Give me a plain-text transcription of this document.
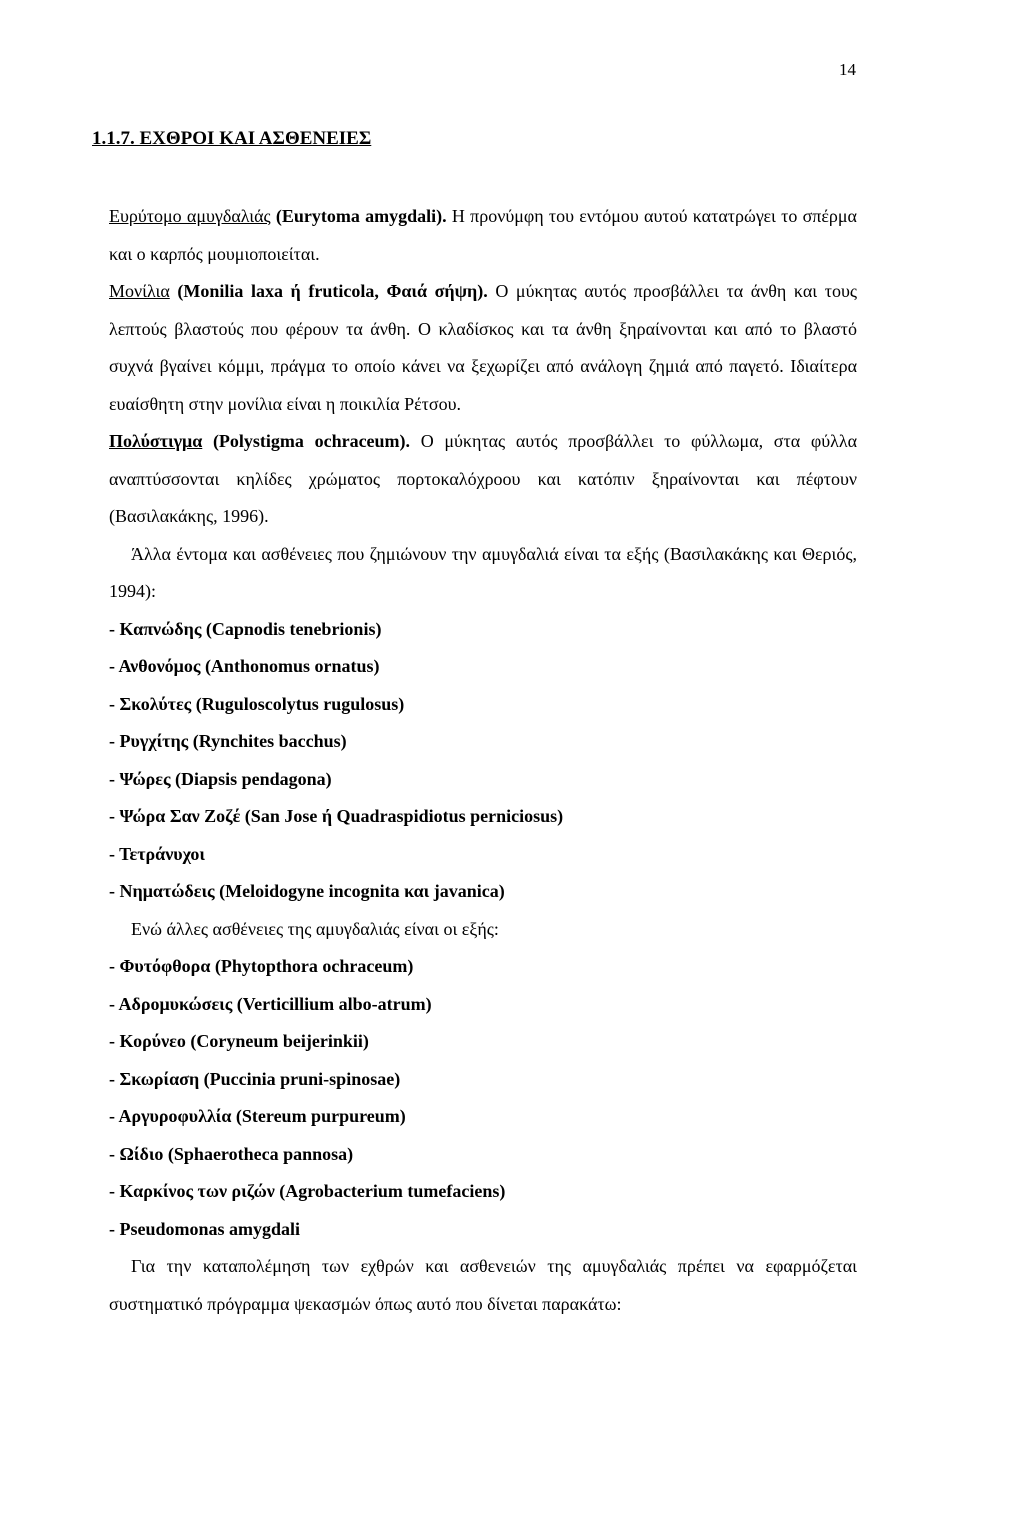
14
1.1.7. ΕΧΘΡΟΙ ΚΑΙ ΑΣΘΕΝΕΙΕΣ

Ευρύτομο αμυγδαλιάς (Eurytoma amygdali). Η προνύμφη του εντόμου αυτού κατατρώγει το σπέρμα και ο καρπός μουμιοποιείται.

Μονίλια (Monilia laxa ή fruticola, Φαιά σήψη). Ο μύκητας αυτός προσβάλλει τα άνθη και τους λεπτούς βλαστούς που φέρουν τα άνθη. Ο κλαδίσκος και τα άνθη ξηραίνονται και από το βλαστό συχνά βγαίνει κόμμι, πράγμα το οποίο κάνει να ξεχωρίζει από ανάλογη ζημιά από παγετό. Ιδιαίτερα ευαίσθητη στην μονίλια είναι η ποικιλία Ρέτσου.

Πολύστιγμα (Polystigma ochraceum). Ο μύκητας αυτός προσβάλλει το φύλλωμα, στα φύλλα αναπτύσσονται κηλίδες χρώματος πορτοκαλόχροου και κατόπιν ξηραίνονται και πέφτουν (Βασιλακάκης, 1996).

Άλλα έντομα και ασθένειες που ζημιώνουν την αμυγδαλιά είναι τα εξής (Βασιλακάκης και Θεριός, 1994):

- Καπνώδης (Capnodis tenebrionis)
- Ανθονόμος (Anthonomus ornatus)
- Σκολύτες (Ruguloscolytus rugulosus)
- Ρυγχίτης (Rynchites bacchus)
- Ψώρες (Diapsis pendagona)
- Ψώρα Σαν Ζοζέ (San Jose ή Quadraspidiotus perniciosus)
- Τετράνυχοι
- Νηματώδεις (Meloidogyne incognita και javanica)

Ενώ άλλες ασθένειες της αμυγδαλιάς είναι οι εξής:

- Φυτόφθορα (Phytopthora ochraceum)
- Αδρομυκώσεις (Verticillium albo-atrum)
- Κορύνεο (Coryneum beijerinkii)
- Σκωρίαση (Puccinia pruni-spinosae)
- Αργυροφυλλία (Stereum purpureum)
- Ωίδιο (Sphaerotheca pannosa)
- Καρκίνος των ριζών (Agrobacterium tumefaciens)
- Pseudomonas amygdali

Για την καταπολέμηση των εχθρών και ασθενειών της αμυγδαλιάς πρέπει να εφαρμόζεται συστηματικό πρόγραμμα ψεκασμών όπως αυτό που δίνεται παρακάτω:
